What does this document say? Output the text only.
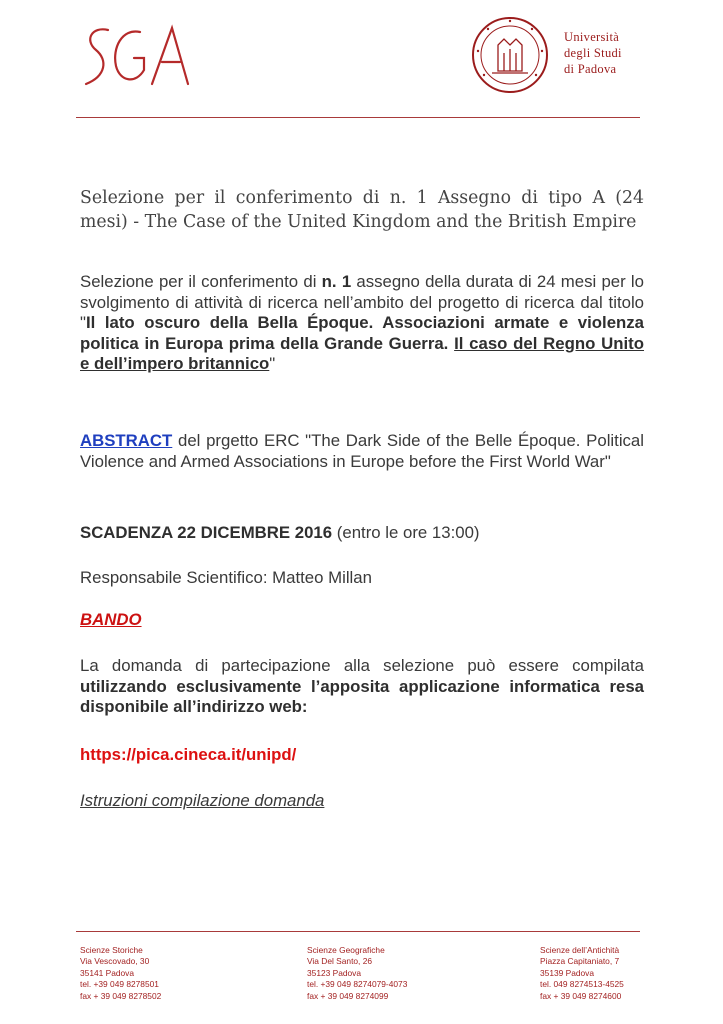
Università
degli Studi
di Padova
Selezione per il conferimento di n. 1 Assegno di tipo A (24 mesi) - The Case of the United Kingdom and the British Empire

Selezione per il conferimento di n. 1 assegno della durata di 24 mesi per lo svolgimento di attività di ricerca nell’ambito del progetto di ricerca dal titolo "Il lato oscuro della Bella Époque. Associazioni armate e violenza politica in Europa prima della Grande Guerra. Il caso del Regno Unito e dell’impero britannico"

ABSTRACT del prgetto ERC "The Dark Side of the Belle Époque. Political Violence and Armed Associations in Europe before the First World War"

SCADENZA 22 DICEMBRE 2016 (entro le ore 13:00)

Responsabile Scientifico: Matteo Millan

BANDO

La domanda di partecipazione alla selezione può essere compilata utilizzando esclusivamente l’apposita applicazione informatica resa disponibile all’indirizzo web:

https://pica.cineca.it/unipd/

Istruzioni compilazione domanda

Scienze Storiche
Via Vescovado, 30
35141 Padova
tel. +39 049 8278501
fax + 39 049 8278502
Scienze Geografiche
Via Del Santo, 26
35123 Padova
tel. +39 049 8274079-4073
fax + 39 049 8274099
Scienze dell’Antichità
Piazza Capitaniato, 7
35139 Padova
tel. 049 8274513-4525
fax + 39 049 8274600
